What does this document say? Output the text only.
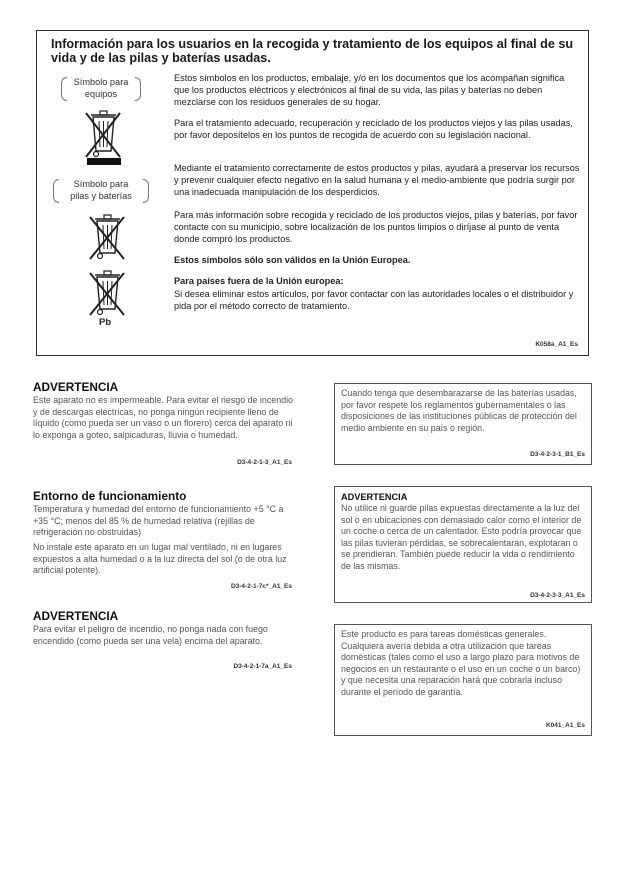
Información para los usuarios en la recogida y tratamiento de los equipos al final de su vida y de las pilas y baterías usadas.
Símbolo para equipos
Símbolo para pilas y baterías
Pb
Estos símbolos en los productos, embalaje, y/o en los documentos que los acompañan significa que los productos eléctricos y electrónicos al final de su vida, las pilas y baterías no deben mezclarse con los residuos generales de su hogar.
Para el tratamiento adecuado, recuperación y reciclado de los productos viejos y las pilas usadas, por favor deposítelos en los puntos de recogida de acuerdo con su legislación nacional.
Mediante el tratamiento correctamente de estos productos y pilas, ayudará a preservar los recursos y prevenir cualquier efecto negativo en la salud humana y el medio-ambiente que podría surgir por una inadecuada manipulación de los desperdicios.
Para más información sobre recogida y reciclado de los productos viejos, pilas y baterías, por favor contacte con su municipio, sobre localización de los puntos limpios o diríjase al punto de venta donde compró los productos.
Estos símbolos sólo son válidos en la Unión Europea.
Para países fuera de la Unión europea:
Si desea eliminar estos artículos, por favor contactar con las autoridades locales o el distribuidor y pida por el método correcto de tratamiento.
K058a_A1_Es
ADVERTENCIA
Este aparato no es impermeable. Para evitar el riesgo de incendio y de descargas eléctricas, no ponga ningún recipiente lleno de líquido (como pueda ser un vaso o un florero) cerca del aparato ni lo exponga a goteo, salpicaduras, lluvia o humedad.
D3-4-2-1-3_A1_Es
Entorno de funcionamiento
Temperatura y humedad del entorno de funcionamiento +5 °C a +35 °C; menos del 85 % de humedad relativa (rejillas de refrigeración no obstruidas)
No instale este aparato en un lugar mal ventilado, ni en lugares expuestos a alta humedad o a la luz directa del sol (o de otra luz artificial potente).
D3-4-2-1-7c*_A1_Es
ADVERTENCIA
Para evitar el peligro de incendio, no ponga nada con fuego encendido (como pueda ser una vela) encima del aparato.
D3-4-2-1-7a_A1_Es
Cuando tenga que desembarazarse de las baterías usadas, por favor respete los reglamentos gubernamentales o las disposiciones de las instituciones públicas de protección del medio ambiente en su país o región.
D3-4-2-3-1_B1_Es
ADVERTENCIA
No utilice ni guarde pilas expuestas directamente a la luz del sol o en ubicaciones con demasiado calor como el interior de un coche o cerca de un calentador. Esto podría provocar que las pilas tuvieran pérdidas, se sobrecalentaran, explotaran o se prendieran. También puede reducir la vida o rendimiento de las mismas.
D3-4-2-3-3_A1_Es
Este producto es para tareas domésticas generales. Cualquiera avería debida a otra utilización que tareas domésticas (tales como el uso a largo plazo para motivos de negocios en un restaurante o el uso en un coche o un barco) y que necesita una reparación hará que cobrarla incluso durante el período de garantía.
K041_A1_Es
